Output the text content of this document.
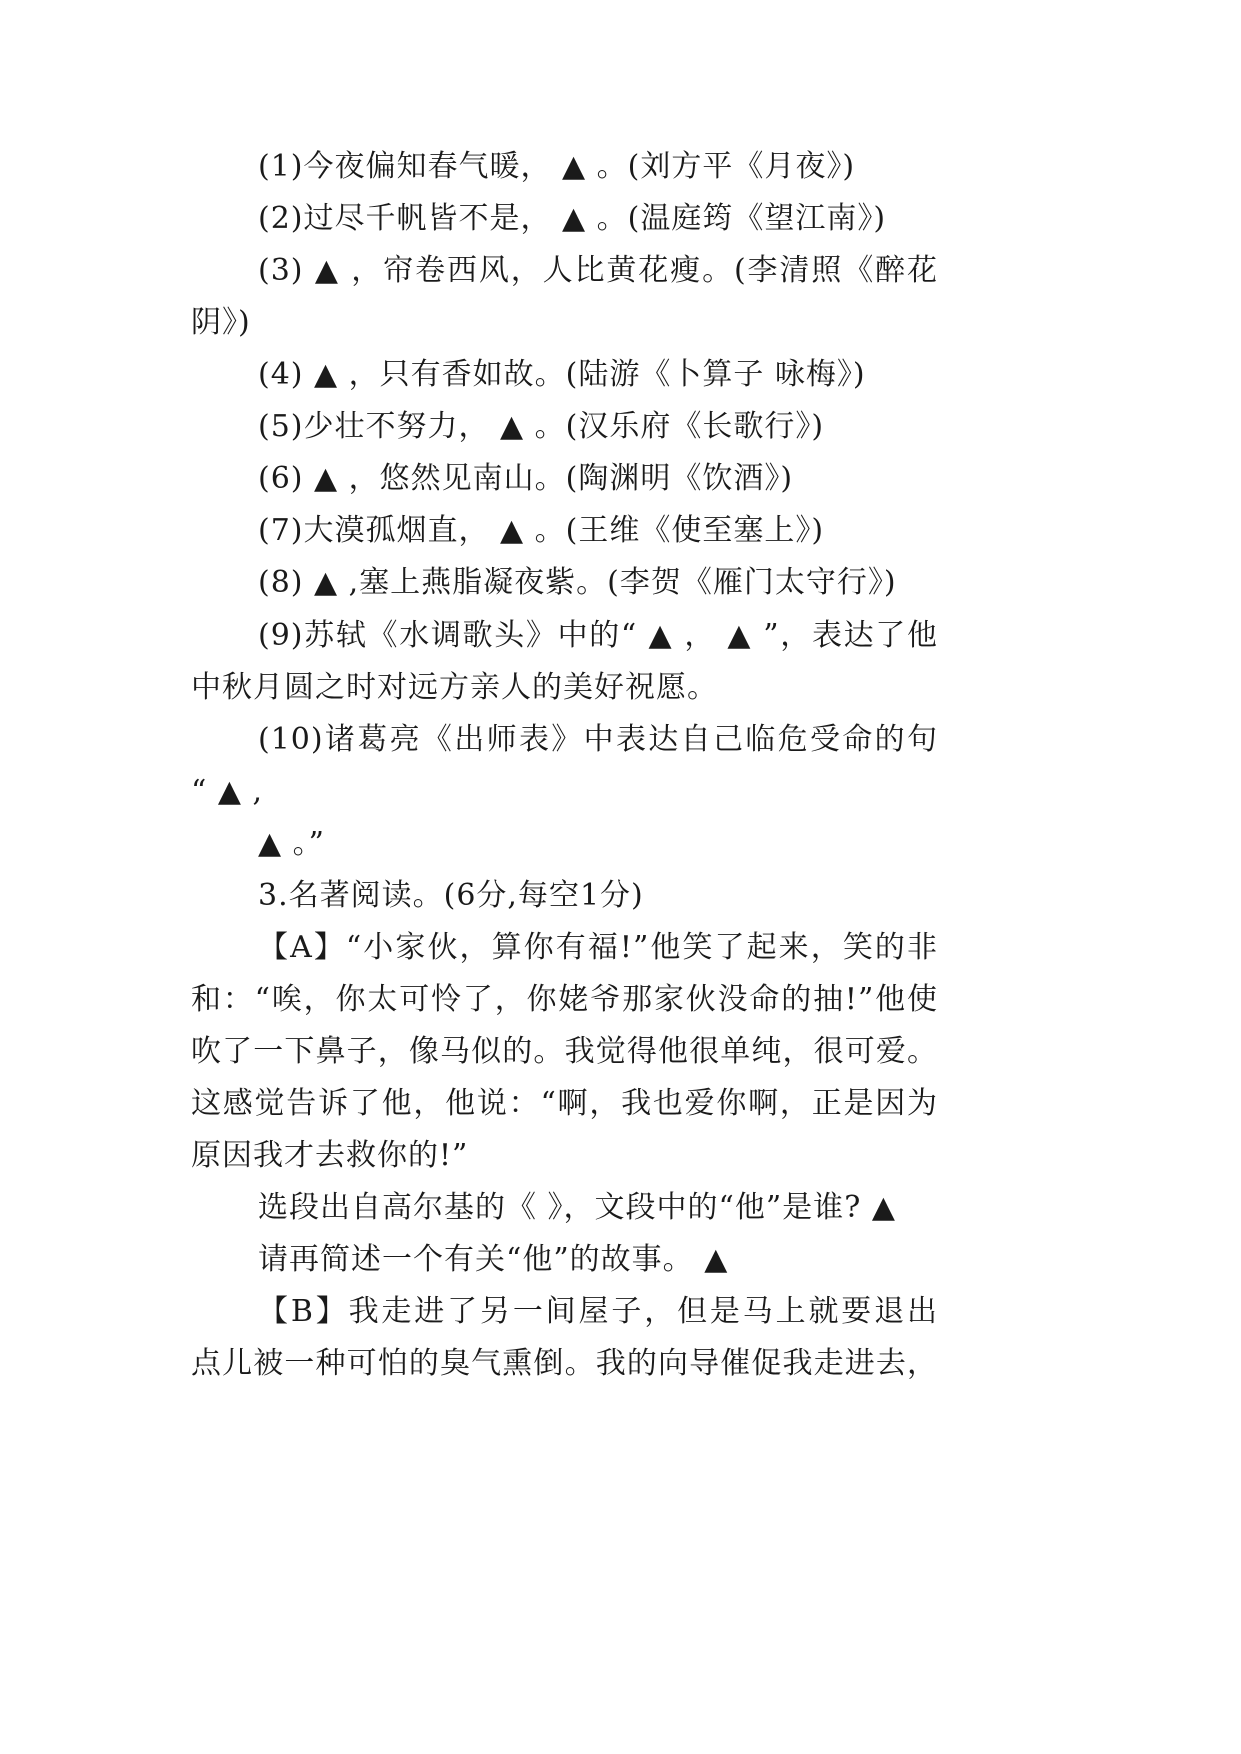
(1)今夜偏知春气暖， ▲ 。(刘方平《月夜》)
(2)过尽千帆皆不是， ▲ 。(温庭筠《望江南》)
(3) ▲ ，帘卷西风，人比黄花瘦。(李清照《醉花
阴》)
(4) ▲ ，只有香如故。(陆游《卜算子 咏梅》)
(5)少壮不努力， ▲ 。(汉乐府《长歌行》)
(6) ▲ ，悠然见南山。(陶渊明《饮酒》)
(7)大漠孤烟直， ▲ 。(王维《使至塞上》)
(8) ▲ ,塞上燕脂凝夜紫。(李贺《雁门太守行》)
(9)苏轼《水调歌头》中的“ ▲ ， ▲ ”，表达了他
中秋月圆之时对远方亲人的美好祝愿。
(10)诸葛亮《出师表》中表达自己临危受命的句
“ ▲ ,
▲ 。”
3.名著阅读。(6分,每空1分)
【A】“小家伙，算你有福!”他笑了起来，笑的非
和：“唉，你太可怜了，你姥爷那家伙没命的抽!”他使
吹了一下鼻子，像马似的。我觉得他很单纯，很可爱。
这感觉告诉了他，他说：“啊，我也爱你啊，正是因为
原因我才去救你的!”
选段出自高尔基的《 》，文段中的“他”是谁? ▲
请再简述一个有关“他”的故事。 ▲
【B】我走进了另一间屋子，但是马上就要退出
点儿被一种可怕的臭气熏倒。我的向导催促我走进去，
